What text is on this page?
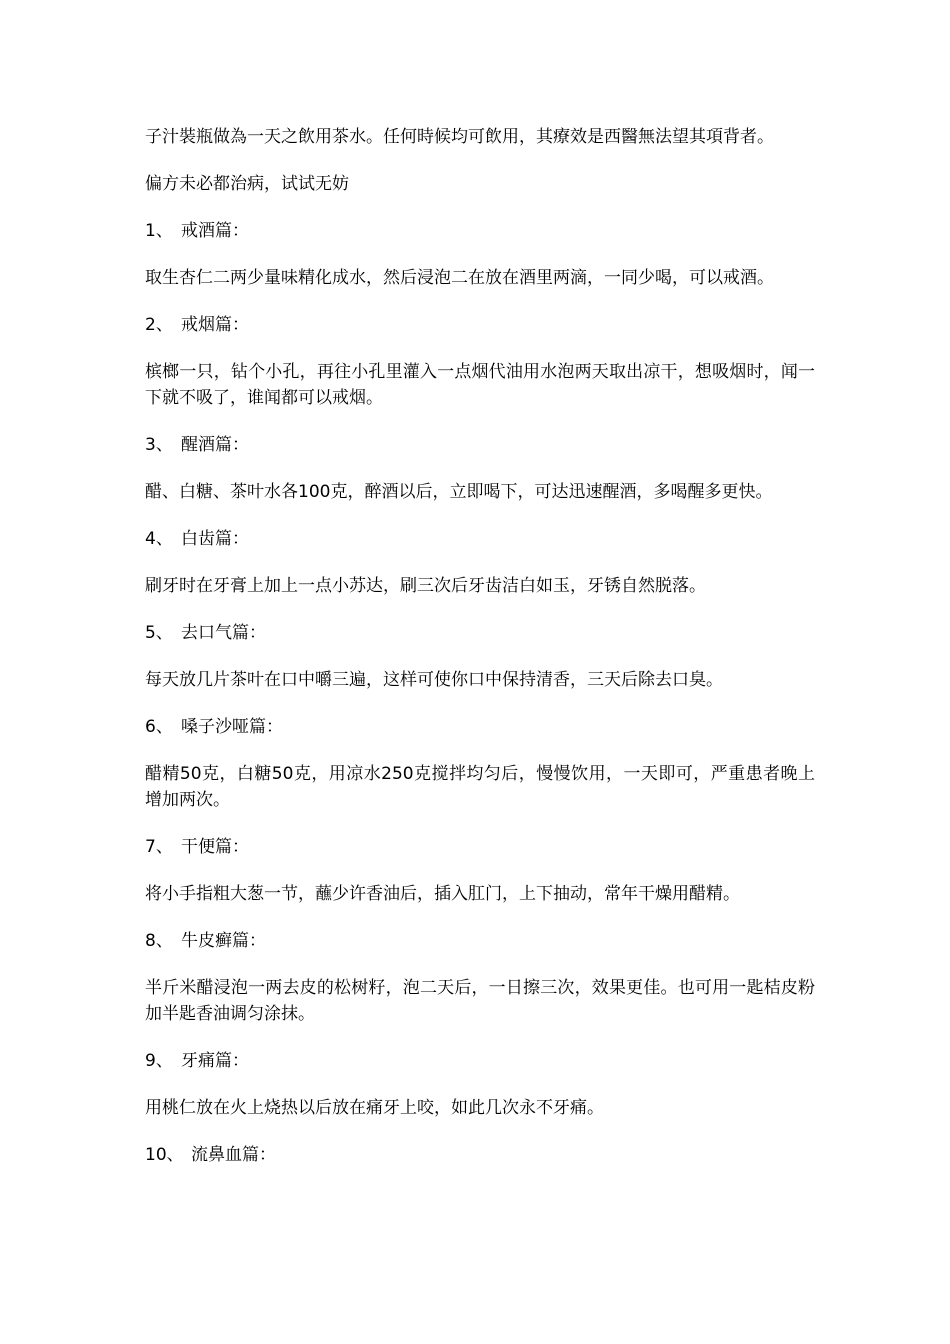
子汁裝瓶做為一天之飲用茶水。任何時候均可飲用，其療效是西醫無法望其項背者。

偏方未必都治病，试试无妨

1、 戒酒篇：

取生杏仁二两少量味精化成水，然后浸泡二在放在酒里两滴，一同少喝，可以戒酒。

2、 戒烟篇：

槟榔一只，钻个小孔，再往小孔里灌入一点烟代油用水泡两天取出凉干，想吸烟时，闻一下就不吸了，谁闻都可以戒烟。

3、 醒酒篇：

醋、白糖、茶叶水各100克，醉酒以后，立即喝下，可达迅速醒酒，多喝醒多更快。

4、 白齿篇：

刷牙时在牙膏上加上一点小苏达，刷三次后牙齿洁白如玉，牙锈自然脱落。

5、 去口气篇：

每天放几片茶叶在口中嚼三遍，这样可使你口中保持清香，三天后除去口臭。

6、 嗓子沙哑篇：

醋精50克，白糖50克，用凉水250克搅拌均匀后，慢慢饮用，一天即可，严重患者晚上增加两次。

7、 干便篇：

将小手指粗大葱一节，蘸少许香油后，插入肛门，上下抽动，常年干燥用醋精。

8、 牛皮癣篇：

半斤米醋浸泡一两去皮的松树籽，泡二天后，一日擦三次，效果更佳。也可用一匙桔皮粉加半匙香油调匀涂抹。

9、 牙痛篇：

用桃仁放在火上烧热以后放在痛牙上咬，如此几次永不牙痛。

10、 流鼻血篇：
